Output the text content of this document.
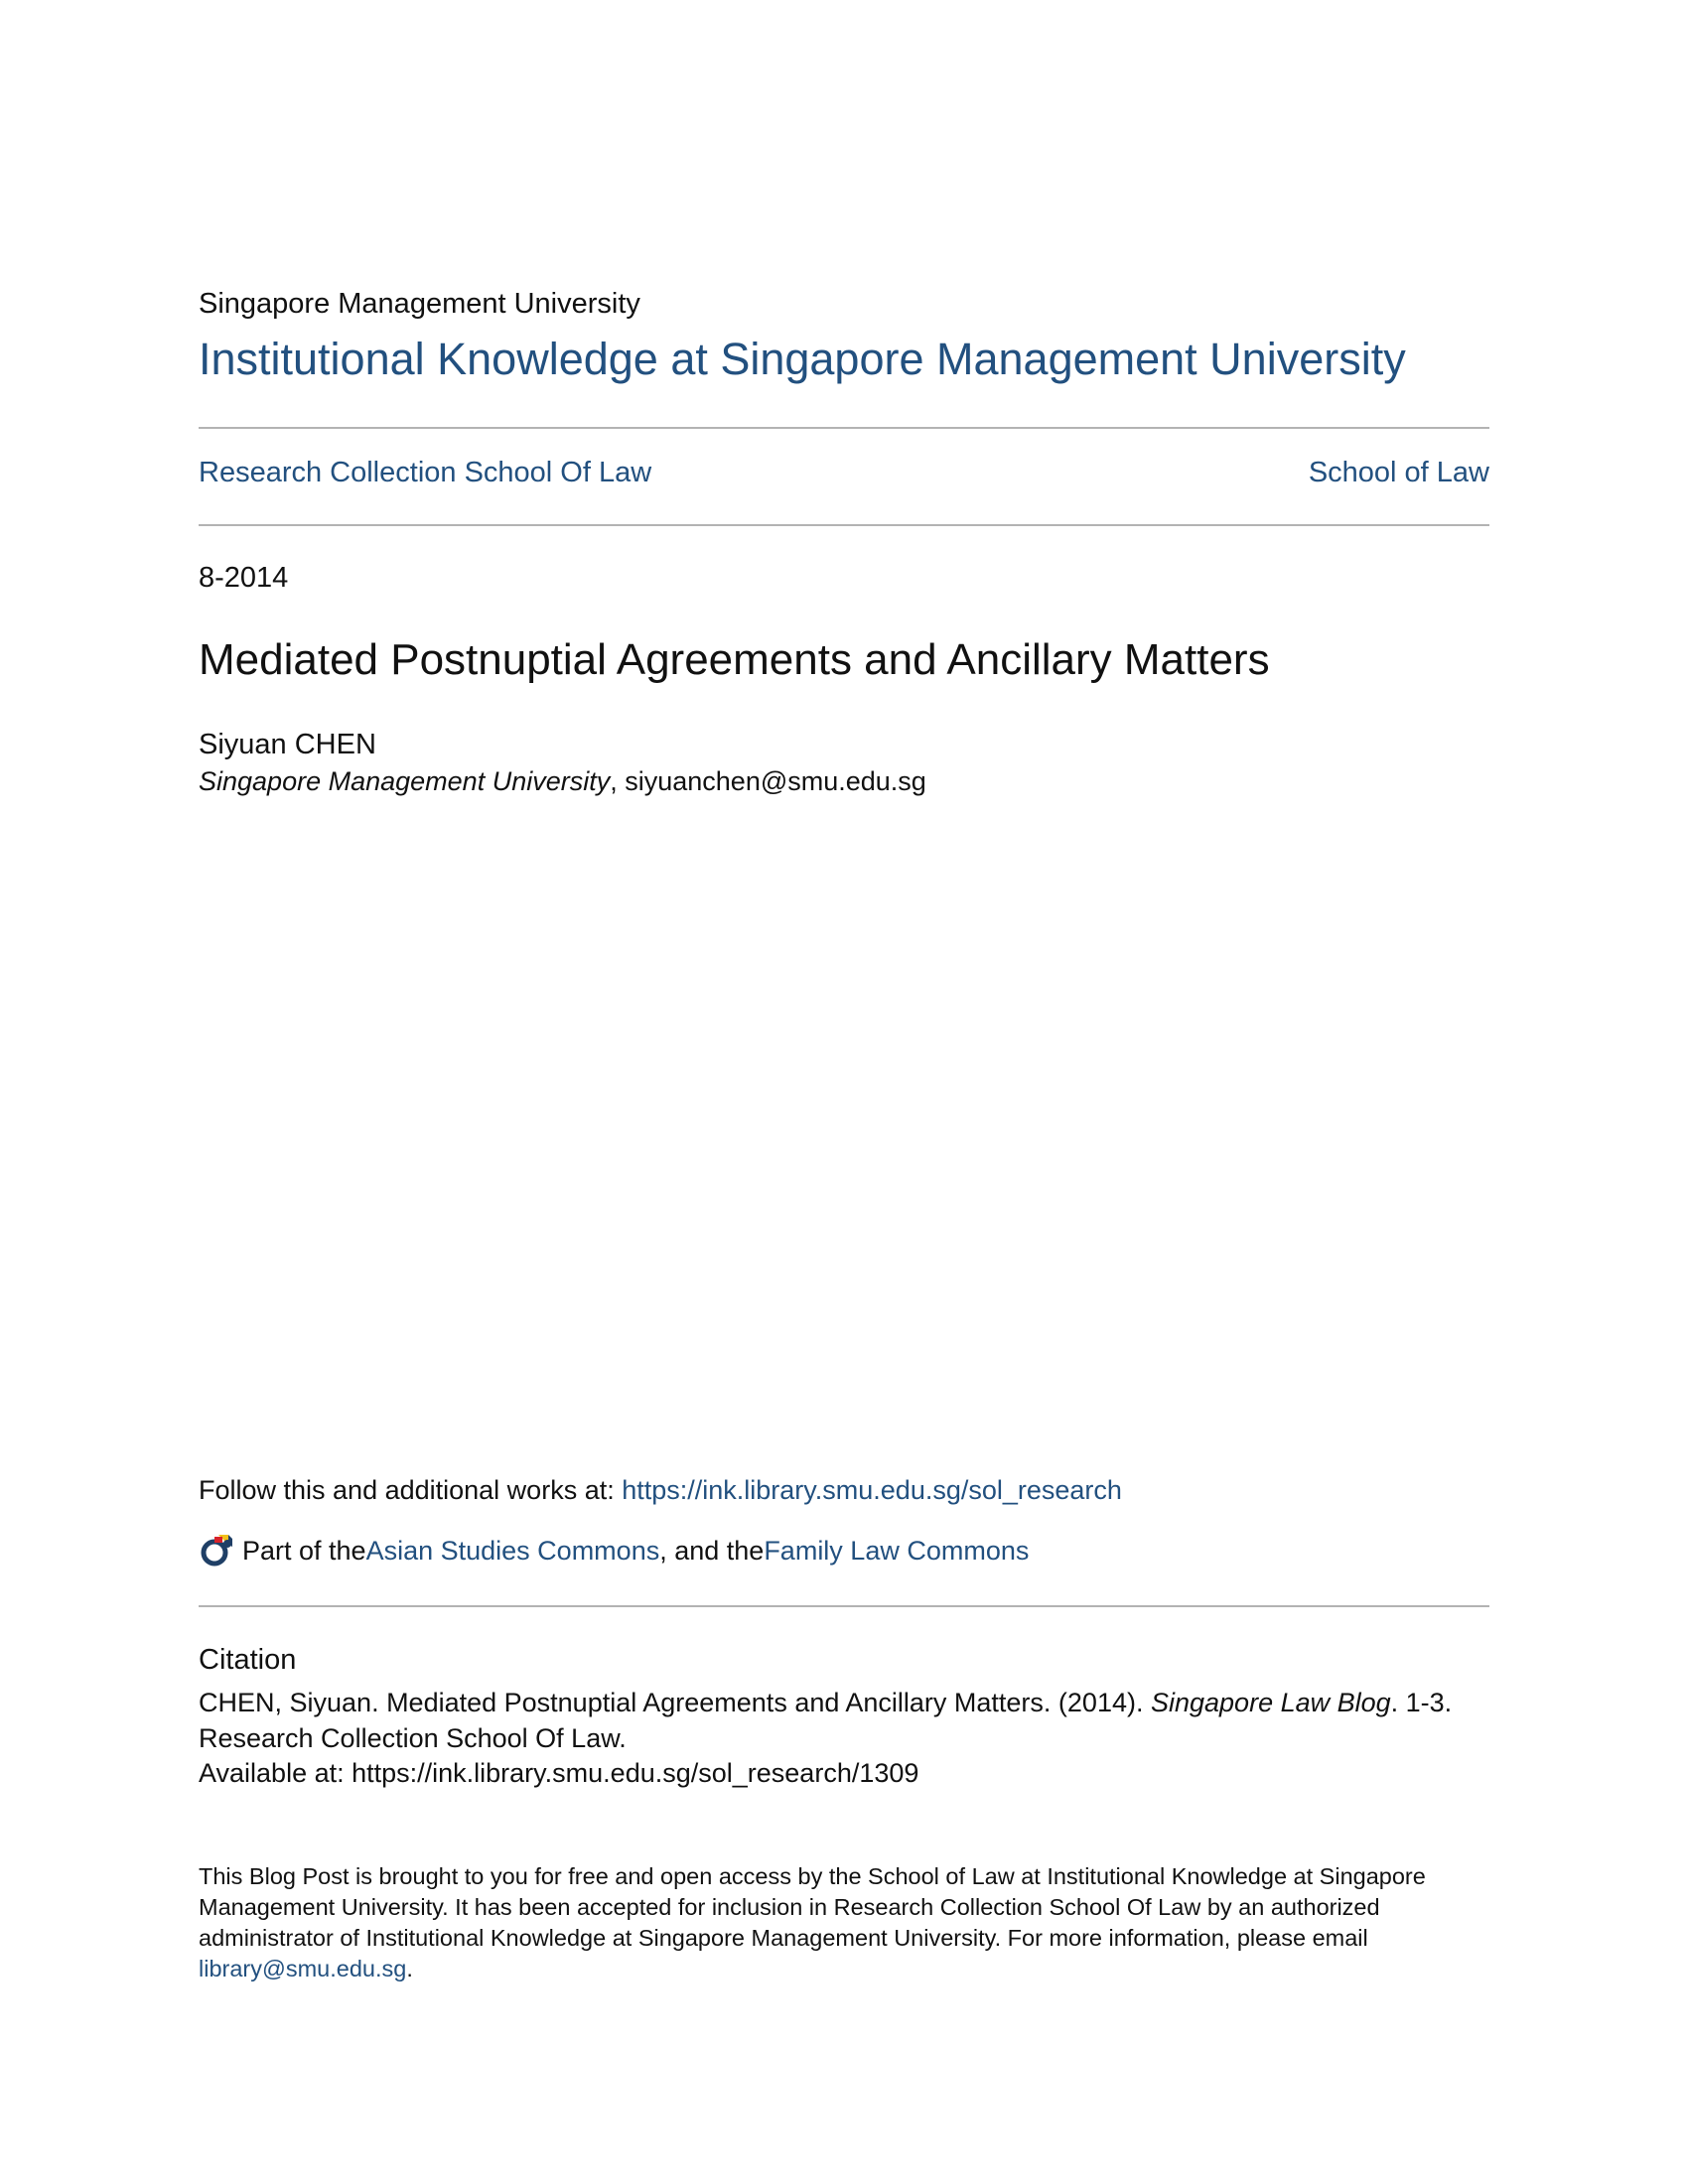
Singapore Management University
Institutional Knowledge at Singapore Management University
Research Collection School Of Law	School of Law
8-2014
Mediated Postnuptial Agreements and Ancillary Matters
Siyuan CHEN
Singapore Management University, siyuanchen@smu.edu.sg
Follow this and additional works at: https://ink.library.smu.edu.sg/sol_research
Part of the Asian Studies Commons , and the Family Law Commons
Citation
CHEN, Siyuan. Mediated Postnuptial Agreements and Ancillary Matters. (2014). Singapore Law Blog. 1-3.
Research Collection School Of Law.
Available at: https://ink.library.smu.edu.sg/sol_research/1309
This Blog Post is brought to you for free and open access by the School of Law at Institutional Knowledge at Singapore Management University. It has been accepted for inclusion in Research Collection School Of Law by an authorized administrator of Institutional Knowledge at Singapore Management University. For more information, please email library@smu.edu.sg.
